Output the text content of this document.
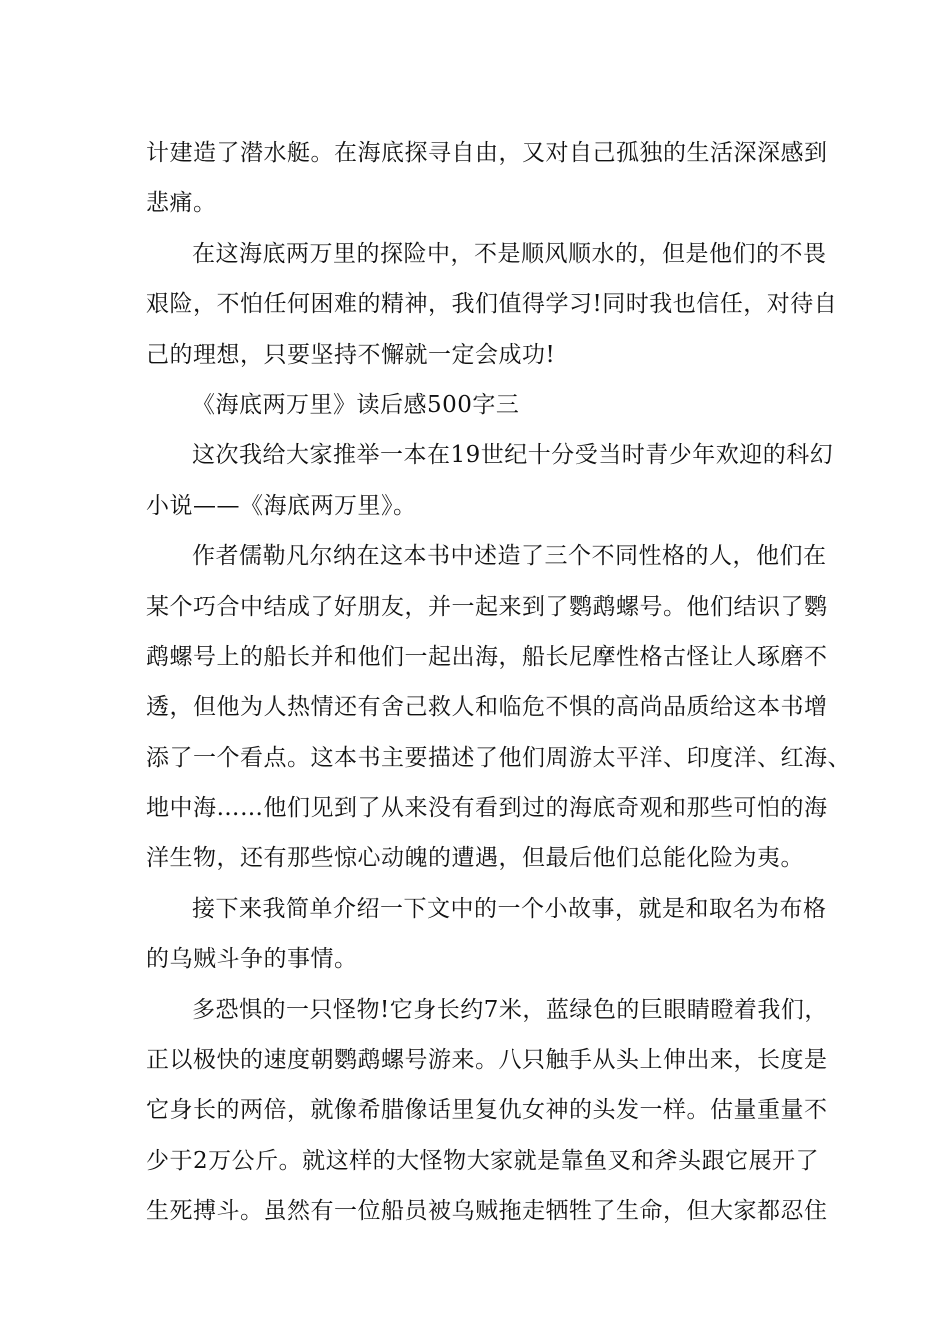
计建造了潜水艇。在海底探寻自由，又对自己孤独的生活深深感到
悲痛。
在这海底两万里的探险中，不是顺风顺水的，但是他们的不畏
艰险，不怕任何困难的精神，我们值得学习!同时我也信任，对待自
己的理想，只要坚持不懈就一定会成功!
《海底两万里》读后感500字三
这次我给大家推举一本在19世纪十分受当时青少年欢迎的科幻
小说——《海底两万里》。
作者儒勒凡尔纳在这本书中述造了三个不同性格的人，他们在
某个巧合中结成了好朋友，并一起来到了鹦鹉螺号。他们结识了鹦
鹉螺号上的船长并和他们一起出海，船长尼摩性格古怪让人琢磨不
透，但他为人热情还有舍己救人和临危不惧的高尚品质给这本书增
添了一个看点。这本书主要描述了他们周游太平洋、印度洋、红海、
地中海……他们见到了从来没有看到过的海底奇观和那些可怕的海
洋生物，还有那些惊心动魄的遭遇，但最后他们总能化险为夷。
接下来我简单介绍一下文中的一个小故事，就是和取名为布格
的乌贼斗争的事情。
多恐惧的一只怪物!它身长约7米，蓝绿色的巨眼睛瞪着我们，
正以极快的速度朝鹦鹉螺号游来。八只触手从头上伸出来，长度是
它身长的两倍，就像希腊像话里复仇女神的头发一样。估量重量不
少于2万公斤。就这样的大怪物大家就是靠鱼叉和斧头跟它展开了
生死搏斗。虽然有一位船员被乌贼拖走牺牲了生命，但大家都忍住
